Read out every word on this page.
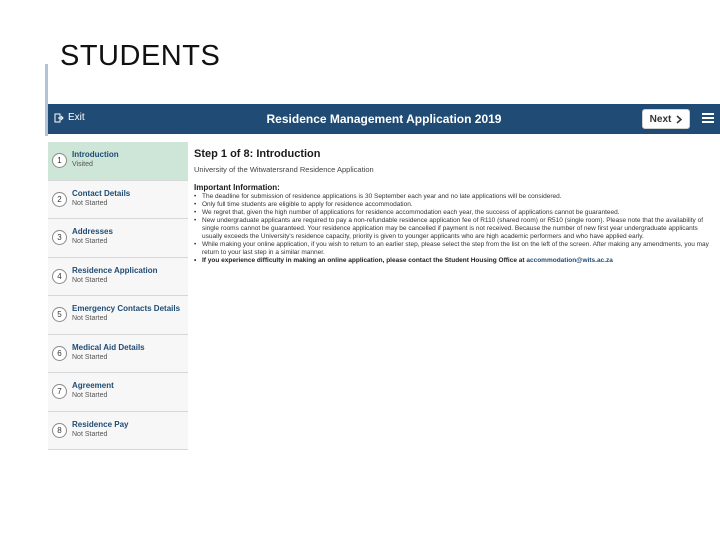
STUDENTS
Exit	Residence Management Application 2019	Next
1
Introduction
Visited
2
Contact Details
Not Started
3
Addresses
Not Started
4
Residence Application
Not Started
5
Emergency Contacts Details
Not Started
6
Medical Aid Details
Not Started
7
Agreement
Not Started
8
Residence Pay
Not Started
Step 1 of 8: Introduction
University of the Witwatersrand Residence Application
Important Information:
• The deadline for submission of residence applications is 30 September each year and no late applications will be considered.
• Only full time students are eligible to apply for residence accommodation.
• We regret that, given the high number of applications for residence accommodation each year, the success of applications cannot be guaranteed.
• New undergraduate applicants are required to pay a non-refundable residence application fee of R110 (shared room) or R510 (single room). Please note that the availability of single rooms cannot be guaranteed. Your residence application may be cancelled if payment is not received. Because the number of new first year undergraduate applicants usually exceeds the University's residence capacity, priority is given to younger applicants who are high academic performers and who have applied early.
• While making your online application, if you wish to return to an earlier step, please select the step from the list on the left of the screen. After making any amendments, you may return to your last step in a similar manner.
• If you experience difficulty in making an online application, please contact the Student Housing Office at accommodation@wits.ac.za
